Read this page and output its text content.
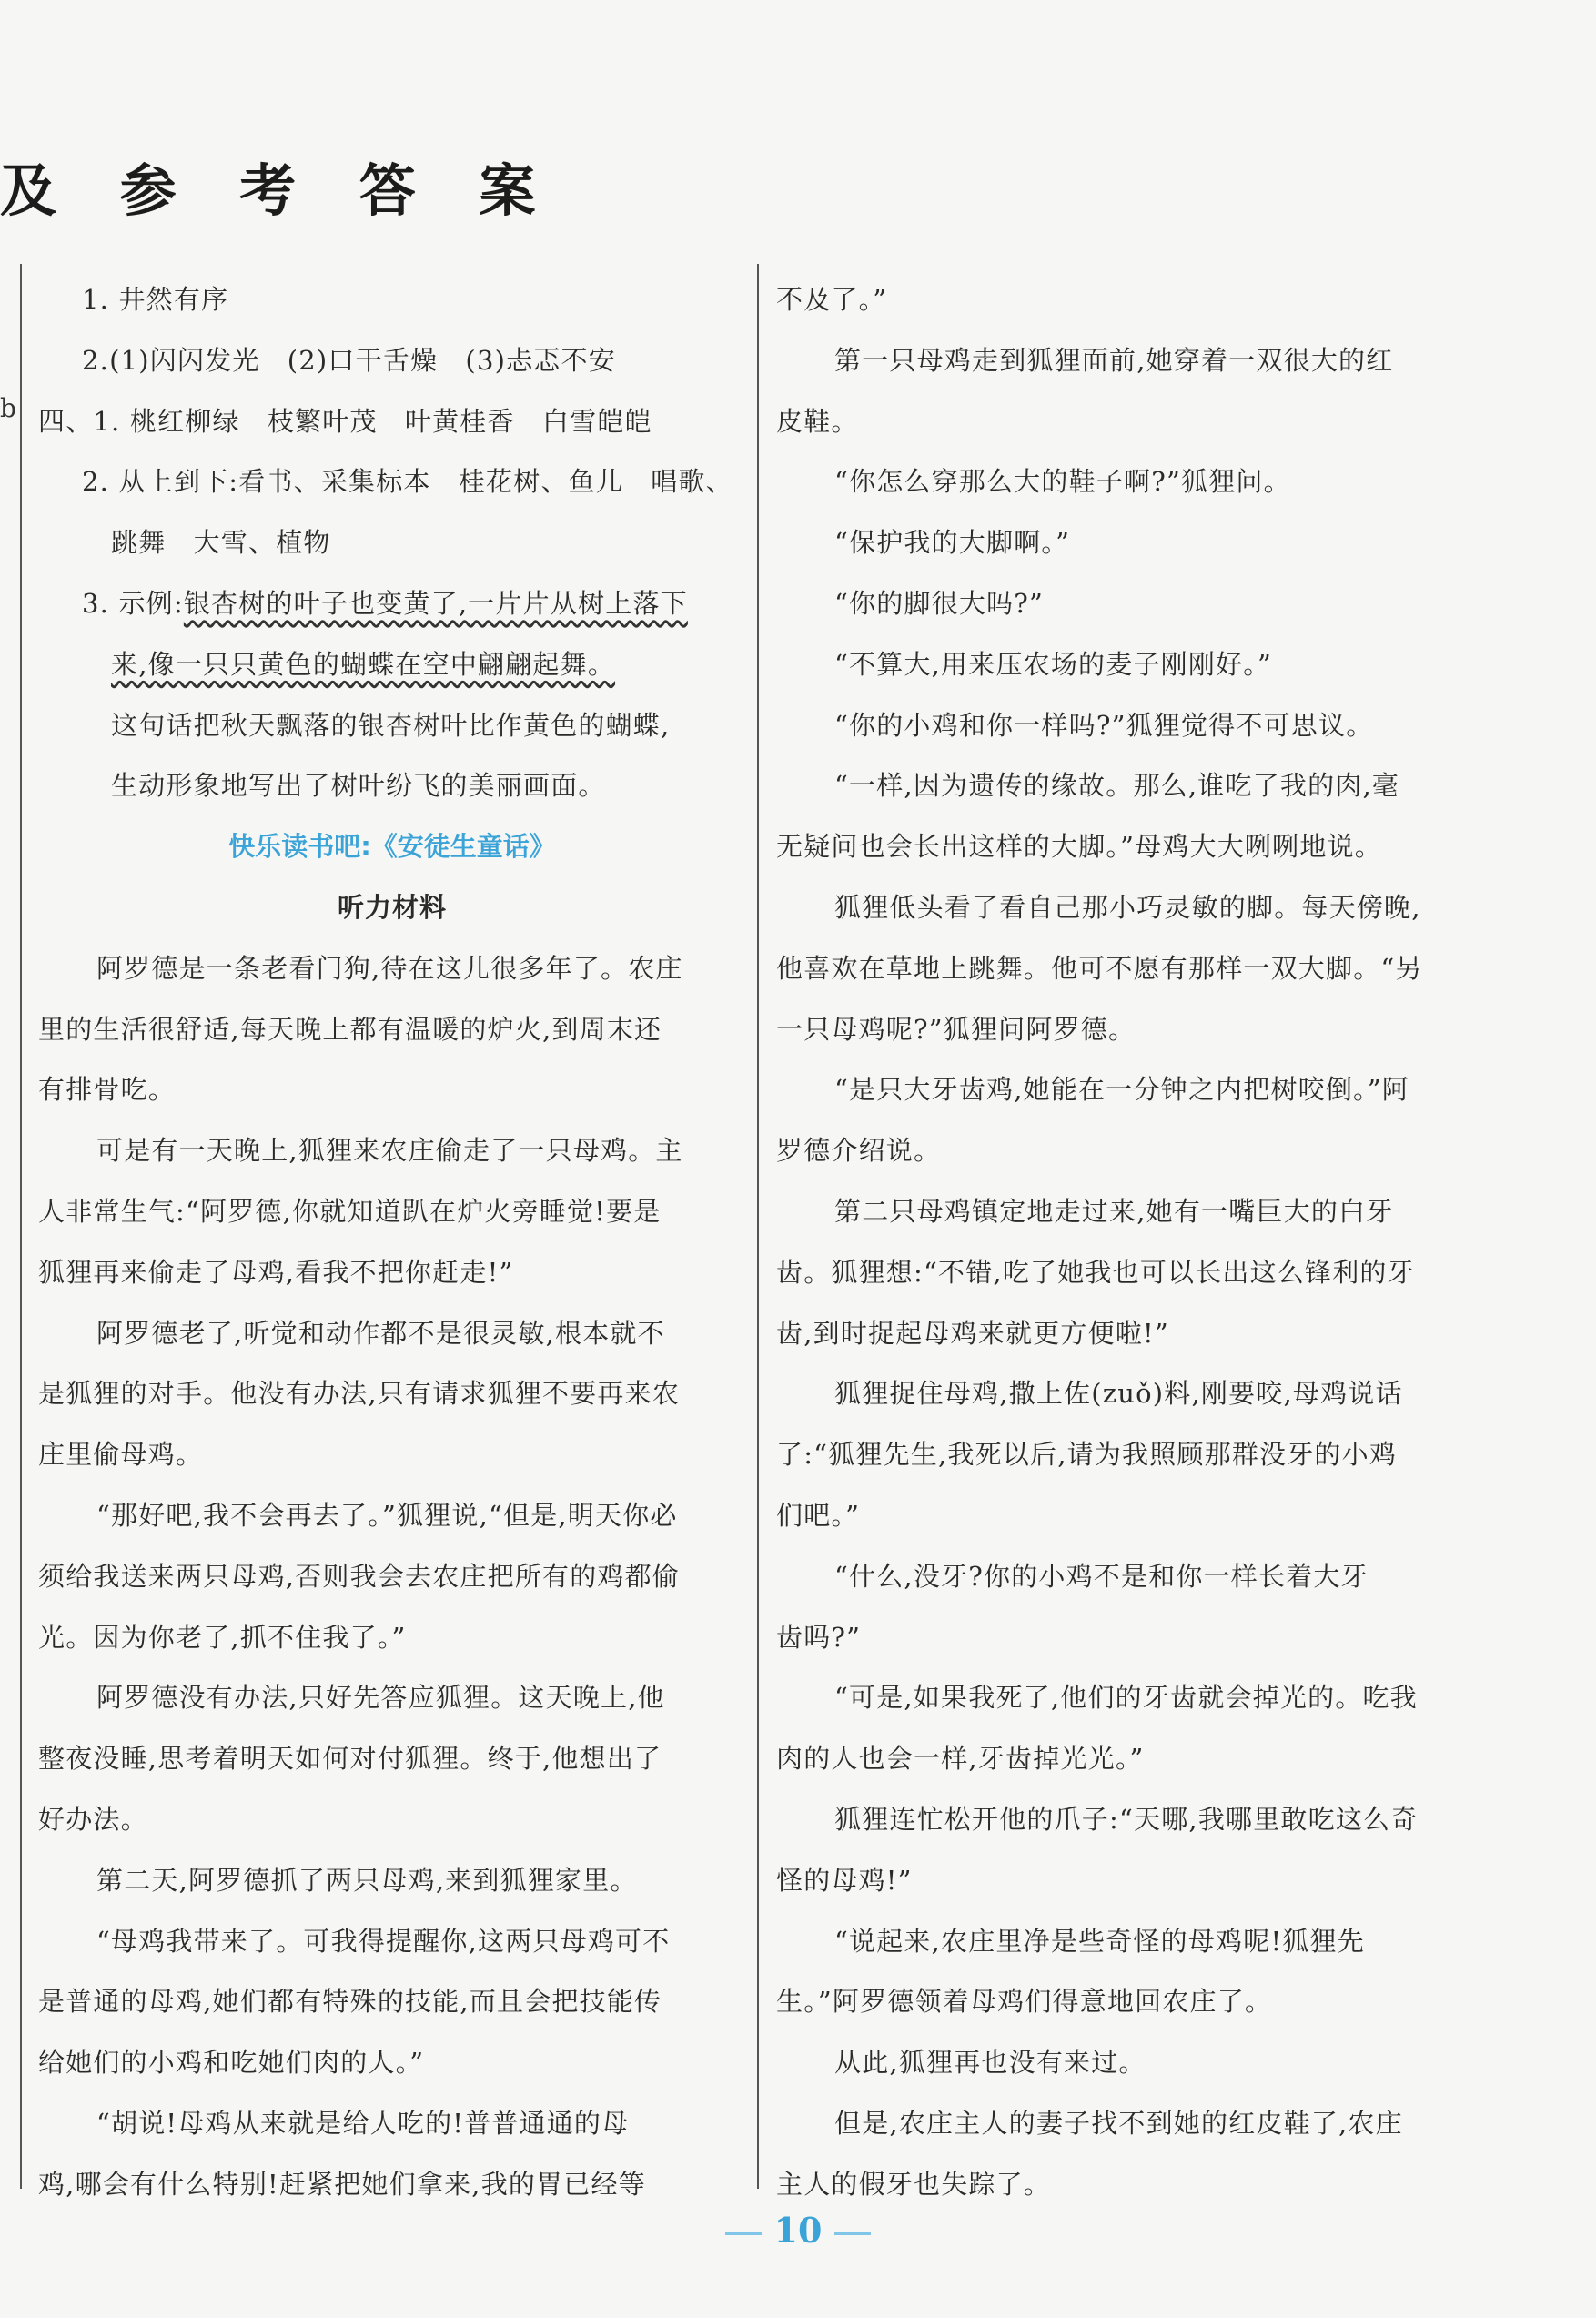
及 参 考 答 案
b
1. 井然有序
2.(1)闪闪发光　(2)口干舌燥　(3)忐忑不安
四、1. 桃红柳绿　枝繁叶茂　叶黄桂香　白雪皑皑
2. 从上到下:看书、采集标本　桂花树、鱼儿　唱歌、
跳舞　大雪、植物
3. 示例:银杏树的叶子也变黄了,一片片从树上落下
来,像一只只黄色的蝴蝶在空中翩翩起舞。
这句话把秋天飘落的银杏树叶比作黄色的蝴蝶,
生动形象地写出了树叶纷飞的美丽画面。
快乐读书吧:《安徒生童话》
听力材料
阿罗德是一条老看门狗,待在这儿很多年了。农庄
里的生活很舒适,每天晚上都有温暖的炉火,到周末还
有排骨吃。
可是有一天晚上,狐狸来农庄偷走了一只母鸡。主
人非常生气:“阿罗德,你就知道趴在炉火旁睡觉!要是
狐狸再来偷走了母鸡,看我不把你赶走!”
阿罗德老了,听觉和动作都不是很灵敏,根本就不
是狐狸的对手。他没有办法,只有请求狐狸不要再来农
庄里偷母鸡。
“那好吧,我不会再去了。”狐狸说,“但是,明天你必
须给我送来两只母鸡,否则我会去农庄把所有的鸡都偷
光。因为你老了,抓不住我了。”
阿罗德没有办法,只好先答应狐狸。这天晚上,他
整夜没睡,思考着明天如何对付狐狸。终于,他想出了
好办法。
第二天,阿罗德抓了两只母鸡,来到狐狸家里。
“母鸡我带来了。可我得提醒你,这两只母鸡可不
是普通的母鸡,她们都有特殊的技能,而且会把技能传
给她们的小鸡和吃她们肉的人。”
“胡说!母鸡从来就是给人吃的!普普通通的母
鸡,哪会有什么特别!赶紧把她们拿来,我的胃已经等
不及了。”
第一只母鸡走到狐狸面前,她穿着一双很大的红
皮鞋。
“你怎么穿那么大的鞋子啊?”狐狸问。
“保护我的大脚啊。”
“你的脚很大吗?”
“不算大,用来压农场的麦子刚刚好。”
“你的小鸡和你一样吗?”狐狸觉得不可思议。
“一样,因为遗传的缘故。那么,谁吃了我的肉,毫
无疑问也会长出这样的大脚。”母鸡大大咧咧地说。
狐狸低头看了看自己那小巧灵敏的脚。每天傍晚,
他喜欢在草地上跳舞。他可不愿有那样一双大脚。“另
一只母鸡呢?”狐狸问阿罗德。
“是只大牙齿鸡,她能在一分钟之内把树咬倒。”阿
罗德介绍说。
第二只母鸡镇定地走过来,她有一嘴巨大的白牙
齿。狐狸想:“不错,吃了她我也可以长出这么锋利的牙
齿,到时捉起母鸡来就更方便啦!”
狐狸捉住母鸡,撒上佐(zuǒ)料,刚要咬,母鸡说话
了:“狐狸先生,我死以后,请为我照顾那群没牙的小鸡
们吧。”
“什么,没牙?你的小鸡不是和你一样长着大牙
齿吗?”
“可是,如果我死了,他们的牙齿就会掉光的。吃我
肉的人也会一样,牙齿掉光光。”
狐狸连忙松开他的爪子:“天哪,我哪里敢吃这么奇
怪的母鸡!”
“说起来,农庄里净是些奇怪的母鸡呢!狐狸先
生。”阿罗德领着母鸡们得意地回农庄了。
从此,狐狸再也没有来过。
但是,农庄主人的妻子找不到她的红皮鞋了,农庄
主人的假牙也失踪了。
10
